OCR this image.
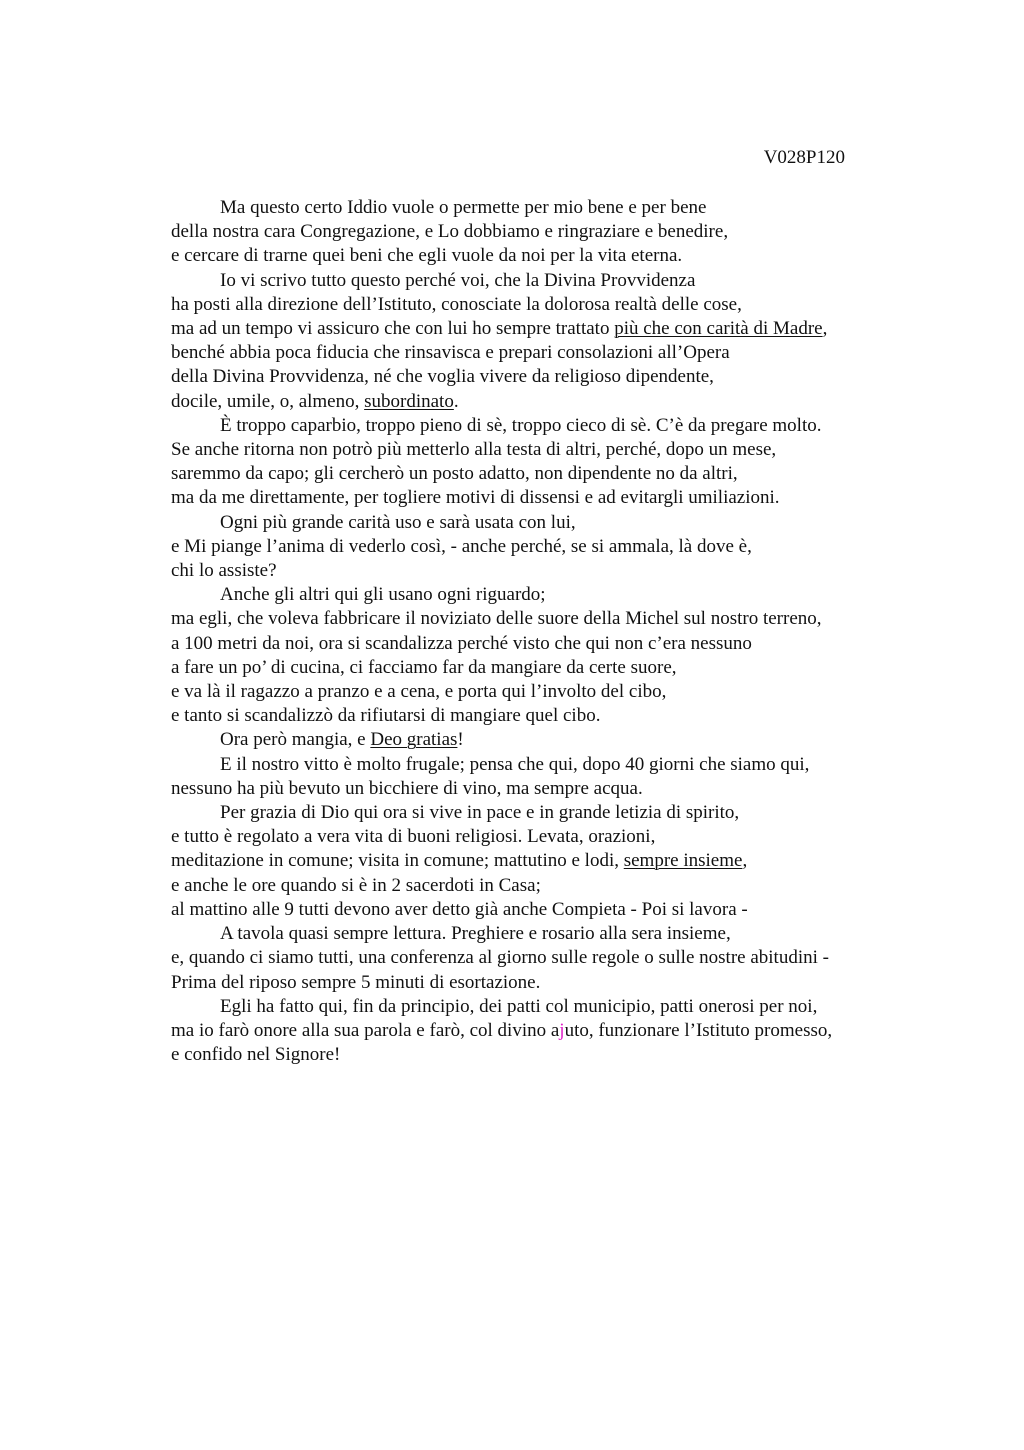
V028P120
Ma questo certo Iddio vuole o permette per mio bene e per bene
della nostra cara Congregazione, e Lo dobbiamo e ringraziare e benedire,
e cercare di trarne quei beni che egli vuole da noi per la vita eterna.
Io vi scrivo tutto questo perché voi, che la Divina Provvidenza
ha posti alla direzione dell’Istituto, conosciate la dolorosa realtà delle cose,
ma ad un tempo vi assicuro che con lui ho sempre trattato più che con carità di Madre,
benché abbia poca fiducia che rinsavisca e prepari consolazioni all’Opera
della Divina Provvidenza, né che voglia vivere da religioso dipendente,
docile, umile, o, almeno, subordinato.
È troppo caparbio, troppo pieno di sè, troppo cieco di sè. C’è da pregare molto.
Se anche ritorna non potrò più metterlo alla testa di altri, perché, dopo un mese,
saremmo da capo; gli cercherò un posto adatto, non dipendente no da altri,
ma da me direttamente, per togliere motivi di dissensi e ad evitargli umiliazioni.
Ogni più grande carità uso e sarà usata con lui,
e Mi piange l’anima di vederlo così, - anche perché, se si ammala, là dove è,
chi lo assiste?
Anche gli altri qui gli usano ogni riguardo;
ma egli, che voleva fabbricare il noviziato delle suore della Michel sul nostro terreno,
a 100 metri da noi, ora si scandalizza perché visto che qui non c’era nessuno
a fare un po’ di cucina, ci facciamo far da mangiare da certe suore,
e va là il ragazzo a pranzo e a cena, e porta qui l’involto del cibo,
e tanto si scandalizzò da rifiutarsi di mangiare quel cibo.
Ora però mangia, e Deo gratias!
E il nostro vitto è molto frugale; pensa che qui, dopo 40 giorni che siamo qui,
nessuno ha più bevuto un bicchiere di vino, ma sempre acqua.
Per grazia di Dio qui ora si vive in pace e in grande letizia di spirito,
e tutto è regolato a vera vita di buoni religiosi. Levata, orazioni,
meditazione in comune; visita in comune; mattutino e lodi, sempre insieme,
e anche le ore quando si è in 2 sacerdoti in Casa;
al mattino alle 9 tutti devono aver detto già anche Compieta - Poi si lavora -
A tavola quasi sempre lettura. Preghiere e rosario alla sera insieme,
e, quando ci siamo tutti, una conferenza al giorno sulle regole o sulle nostre abitudini -
Prima del riposo sempre 5 minuti di esortazione.
Egli ha fatto qui, fin da principio, dei patti col municipio, patti onerosi per noi,
ma io farò onore alla sua parola e farò, col divino ajuto, funzionare l’Istituto promesso,
e confido nel Signore!
